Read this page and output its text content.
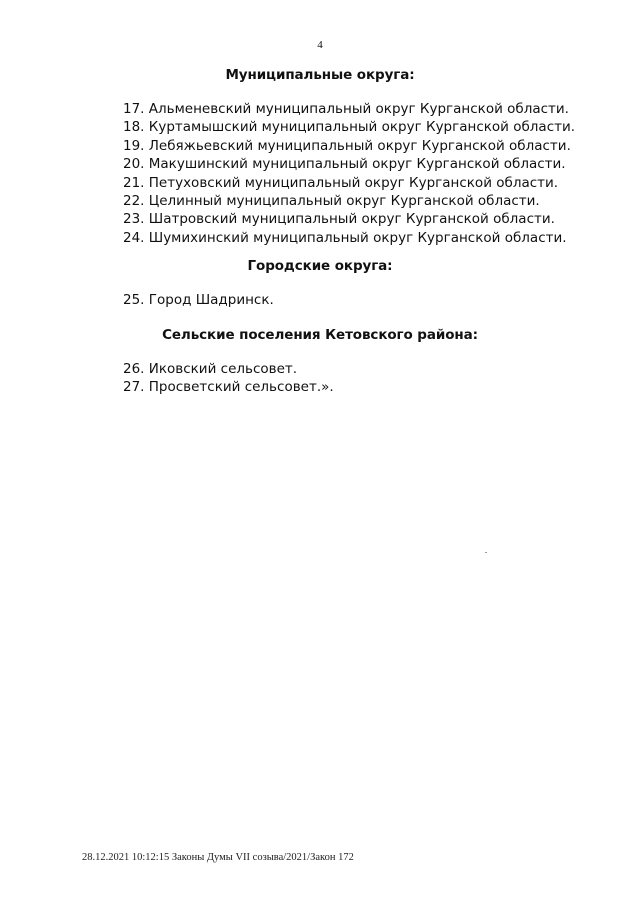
4
Муниципальные округа:
17. Альменевский муниципальный округ Курганской области.
18. Куртамышский муниципальный округ Курганской области.
19. Лебяжьевский муниципальный округ Курганской области.
20. Макушинский муниципальный округ Курганской области.
21. Петуховский муниципальный округ Курганской области.
22. Целинный муниципальный округ Курганской области.
23. Шатровский муниципальный округ Курганской области.
24. Шумихинский муниципальный округ Курганской области.
Городские округа:
25. Город Шадринск.
Сельские поселения Кетовского района:
26. Иковский сельсовет.
27. Просветский сельсовет.».
28.12.2021 10:12:15 Законы Думы VII созыва/2021/Закон 172
